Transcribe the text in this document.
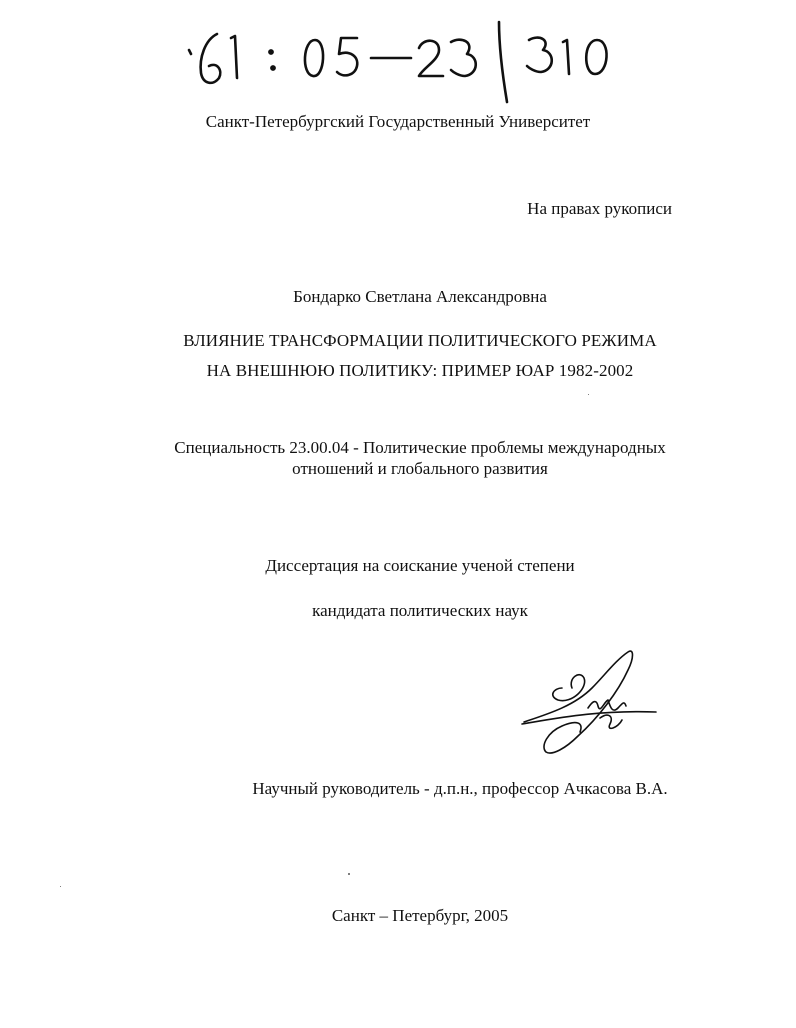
Санкт-Петербургский Государственный Университет
На правах рукописи
Бондарко Светлана Александровна
ВЛИЯНИЕ ТРАНСФОРМАЦИИ ПОЛИТИЧЕСКОГО РЕЖИМА
НА ВНЕШНЮЮ ПОЛИТИКУ: ПРИМЕР ЮАР 1982-2002
Специальность 23.00.04 - Политические проблемы международных
отношений и глобального развития
Диссертация на соискание ученой степени
кандидата политических наук
Научный руководитель - д.п.н., профессор Ачкасова В.А.
Санкт – Петербург, 2005
